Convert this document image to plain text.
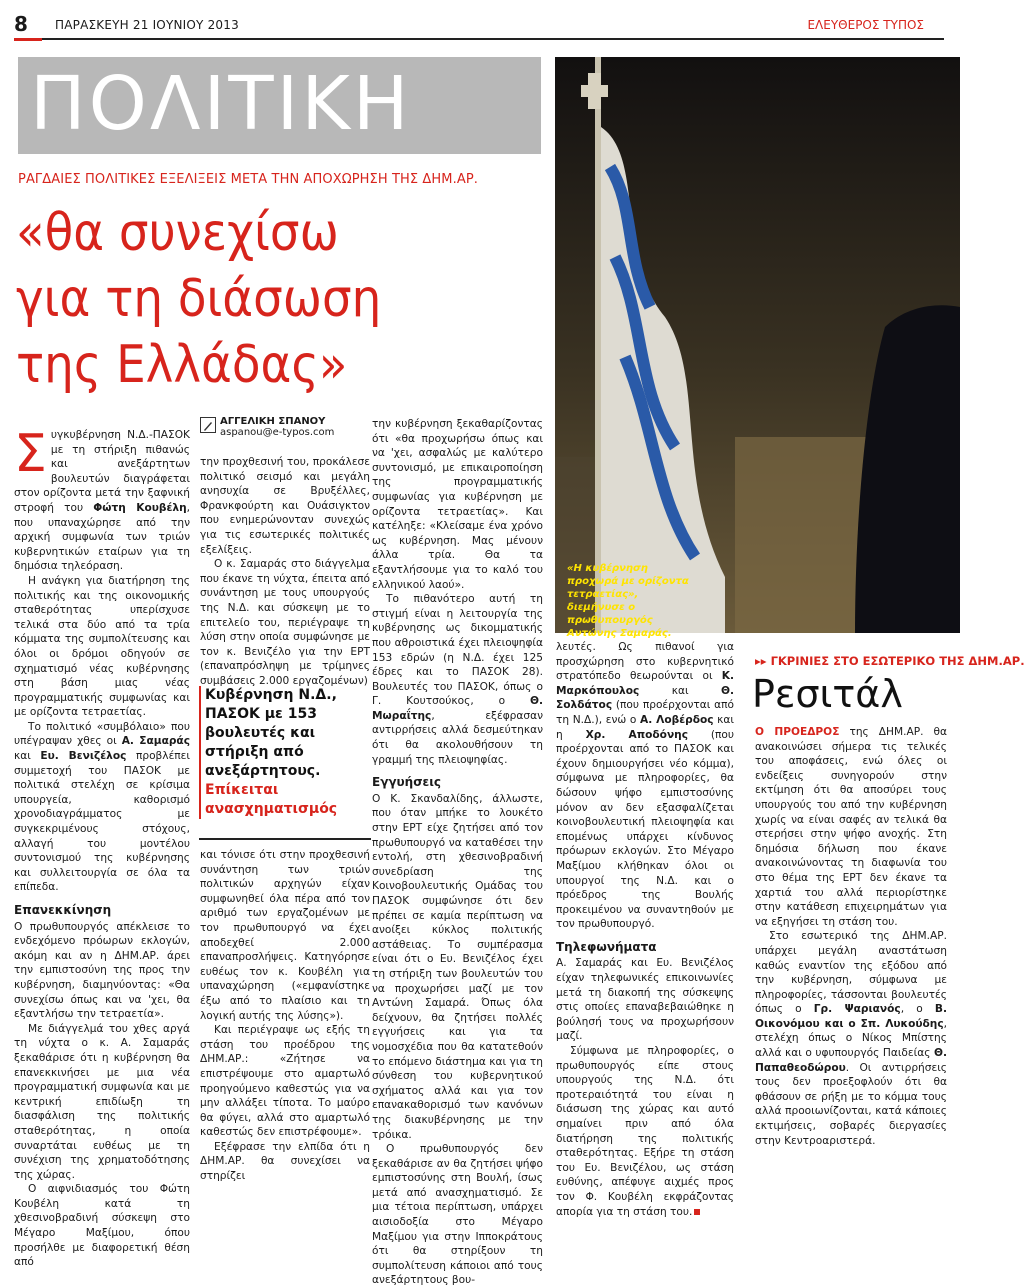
8 ΠΑΡΑΣΚΕΥΗ 21 ΙΟΥΝΙΟΥ 2013	ΕΛΕΥΘΕΡΟΣ ΤΥΠΟΣ
ΠΟΛΙΤΙΚΗ
ΡΑΓΔΑΙΕΣ ΠΟΛΙΤΙΚΕΣ ΕΞΕΛΙΞΕΙΣ ΜΕΤΑ ΤΗΝ ΑΠΟΧΩΡΗΣΗ ΤΗΣ ΔΗΜ.ΑΡ.
«θα συνεχίσω
για τη διάσωση
της Ελλάδας»
«Η κυβέρνηση προχωρά με ορίζοντα τετραετίας», διεμήνυσε ο πρωθυπουργός Αντώνης Σαμαράς.
Σ υγκυβέρνηση Ν.Δ.-ΠΑΣΟΚ με τη στήριξη πιθανώς και ανεξάρτητων βουλευτών διαγράφεται στον ορίζοντα μετά την ξαφνική στροφή του Φώτη Κουβέλη, που υπαναχώρησε από την αρχική συμφωνία των τριών κυβερνητικών εταίρων για τη δημόσια τηλεόραση.

Η ανάγκη για διατήρηση της πολιτικής και της οικονομικής σταθερότητας υπερίσχυσε τελικά στα δύο από τα τρία κόμματα της συμπολίτευσης και όλοι οι δρόμοι οδηγούν σε σχηματισμό νέας κυβέρνησης στη βάση μιας νέας προγραμματικής συμφωνίας και με ορίζοντα τετραετίας.

Το πολιτικό «συμβόλαιο» που υπέγραψαν χθες οι Α. Σαμαράς και Ευ. Βενιζέλος προβλέπει συμμετοχή του ΠΑΣΟΚ με πολιτικά στελέχη σε κρίσιμα υπουργεία, καθορισμό χρονοδιαγράμματος με συγκεκριμένους στόχους, αλλαγή του μοντέλου συντονισμού της κυβέρνησης και συλλειτουργία σε όλα τα επίπεδα.

Επανεκκίνηση

Ο πρωθυπουργός απέκλεισε το ενδεχόμενο πρόωρων εκλογών, ακόμη και αν η ΔΗΜ.ΑΡ. άρει την εμπιστοσύνη της προς την κυβέρνηση, διαμηνύοντας: «Θα συνεχίσω όπως και να 'χει, θα εξαντλήσω την τετραετία».

Με διάγγελμά του χθες αργά τη νύχτα ο κ. Α. Σαμαράς ξεκαθάρισε ότι η κυβέρνηση θα επανεκκινήσει με μια νέα προγραμματική συμφωνία και με κεντρική επιδίωξη τη διασφάλιση της πολιτικής σταθερότητας, η οποία συναρτάται ευθέως με τη συνέχιση της χρηματοδότησης της χώρας.

Ο αιφνιδιασμός του Φώτη Κουβέλη κατά τη χθεσινοβραδινή σύσκεψη στο Μέγαρο Μαξίμου, όπου προσήλθε με διαφορετική θέση από

ΑΓΓΕΛΙΚΗ ΣΠΑΝΟΥ
aspanou@e-typos.com

την προχθεσινή του, προκάλεσε πολιτικό σεισμό και μεγάλη ανησυχία σε Βρυξέλλες, Φρανκφούρτη και Ουάσιγκτον που ενημερώνονταν συνεχώς για τις εσωτερικές πολιτικές εξελίξεις.

Ο κ. Σαμαράς στο διάγγελμα που έκανε τη νύχτα, έπειτα από συνάντηση με τους υπουργούς της Ν.Δ. και σύσκεψη με το επιτελείο του, περιέγραψε τη λύση στην οποία συμφώνησε με τον κ. Βενιζέλο για την ΕΡΤ (επαναπρόσληψη με τρίμηνες συμβάσεις 2.000 εργαζομένων)

Κυβέρνηση Ν.Δ., ΠΑΣΟΚ με 153 βουλευτές και στήριξη από ανεξάρτητους. Επίκειται ανασχηματισμός

και τόνισε ότι στην προχθεσινή συνάντηση των τριών πολιτικών αρχηγών είχαν συμφωνηθεί όλα πέρα από τον αριθμό των εργαζομένων με τον πρωθυπουργό να έχει αποδεχθεί 2.000 επαναπροσλήψεις. Κατηγόρησε ευθέως τον κ. Κουβέλη για υπαναχώρηση («εμφανίστηκε έξω από το πλαίσιο και τη λογική αυτής της λύσης»).

Και περιέγραψε ως εξής τη στάση του προέδρου της ΔΗΜ.ΑΡ.: «Ζήτησε να επιστρέψουμε στο αμαρτωλό προηγούμενο καθεστώς για να μην αλλάξει τίποτα. Το μαύρο θα φύγει, αλλά στο αμαρτωλό καθεστώς δεν επιστρέφουμε».

Εξέφρασε την ελπίδα ότι η ΔΗΜ.ΑΡ. θα συνεχίσει να στηρίζει

την κυβέρνηση ξεκαθαρίζοντας ότι «θα προχωρήσω όπως και να 'χει, ασφαλώς με καλύτερο συντονισμό, με επικαιροποίηση της προγραμματικής συμφωνίας για κυβέρνηση με ορίζοντα τετραετίας». Και κατέληξε: «Κλείσαμε ένα χρόνο ως κυβέρνηση. Μας μένουν άλλα τρία. Θα τα εξαντλήσουμε για το καλό του ελληνικού λαού».

Το πιθανότερο αυτή τη στιγμή είναι η λειτουργία της κυβέρνησης ως δικομματικής που αθροιστικά έχει πλειοψηφία 153 εδρών (η Ν.Δ. έχει 125 έδρες και το ΠΑΣΟΚ 28). Βουλευτές του ΠΑΣΟΚ, όπως ο Γ. Κουτσούκος, ο Θ. Μωραΐτης, εξέφρασαν αντιρρήσεις αλλά δεσμεύτηκαν ότι θα ακολουθήσουν τη γραμμή της πλειοψηφίας.

Εγγυήσεις

Ο Κ. Σκανδαλίδης, άλλωστε, που όταν μπήκε το λουκέτο στην ΕΡΤ είχε ζητήσει από τον πρωθυπουργό να καταθέσει την εντολή, στη χθεσινοβραδινή συνεδρίαση της Κοινοβουλευτικής Ομάδας του ΠΑΣΟΚ συμφώνησε ότι δεν πρέπει σε καμία περίπτωση να ανοίξει κύκλος πολιτικής αστάθειας. Το συμπέρασμα είναι ότι ο Ευ. Βενιζέλος έχει τη στήριξη των βουλευτών του να προχωρήσει μαζί με τον Αντώνη Σαμαρά. Όπως όλα δείχνουν, θα ζητήσει πολλές εγγυήσεις και για τα νομοσχέδια που θα κατατεθούν το επόμενο διάστημα και για τη σύνθεση του κυβερνητικού σχήματος αλλά και για τον επανακαθορισμό των κανόνων της διακυβέρνησης με την τρόικα.

Ο πρωθυπουργός δεν ξεκαθάρισε αν θα ζητήσει ψήφο εμπιστοσύνης στη Βουλή, ίσως μετά από ανασχηματισμό. Σε μια τέτοια περίπτωση, υπάρχει αισιοδοξία στο Μέγαρο Μαξίμου για στην Ιπποκράτους ότι θα στηρίξουν τη συμπολίτευση κάποιοι από τους ανεξάρτητους βου-

λευτές. Ως πιθανοί για προσχώρηση στο κυβερνητικό στρατόπεδο θεωρούνται οι Κ. Μαρκόπουλος και Θ. Σολδάτος (που προέρχονται από τη Ν.Δ.), ενώ ο Α. Λοβέρδος και η Χρ. Αποδόνης (που προέρχονται από το ΠΑΣΟΚ και έχουν δημιουργήσει νέο κόμμα), σύμφωνα με πληροφορίες, θα δώσουν ψήφο εμπιστοσύνης μόνον αν δεν εξασφαλίζεται κοινοβουλευτική πλειοψηφία και επομένως υπάρχει κίνδυνος πρόωρων εκλογών. Στο Μέγαρο Μαξίμου κλήθηκαν όλοι οι υπουργοί της Ν.Δ. και ο πρόεδρος της Βουλής προκειμένου να συναντηθούν με τον πρωθυπουργό.

Τηλεφωνήματα

Α. Σαμαράς και Ευ. Βενιζέλος είχαν τηλεφωνικές επικοινωνίες μετά τη διακοπή της σύσκεψης στις οποίες επαναβεβαιώθηκε η βούλησή τους να προχωρήσουν μαζί.

Σύμφωνα με πληροφορίες, ο πρωθυπουργός είπε στους υπουργούς της Ν.Δ. ότι προτεραιότητά του είναι η διάσωση της χώρας και αυτό σημαίνει πριν από όλα διατήρηση της πολιτικής σταθερότητας. Εξήρε τη στάση του Ευ. Βενιζέλου, ως στάση ευθύνης, απέφυγε αιχμές προς τον Φ. Κουβέλη εκφράζοντας απορία για τη στάση του.

▸▸ ΓΚΡΙΝΙΕΣ ΣΤΟ ΕΣΩΤΕΡΙΚΟ ΤΗΣ ΔΗΜ.ΑΡ.
Ρεσιτάλ

Ο ΠΡΟΕΔΡΟΣ της ΔΗΜ.ΑΡ. θα ανακοινώσει σήμερα τις τελικές του αποφάσεις, ενώ όλες οι ενδείξεις συνηγορούν στην εκτίμηση ότι θα αποσύρει τους υπουργούς του από την κυβέρνηση χωρίς να είναι σαφές αν τελικά θα στερήσει στην ψήφο ανοχής. Στη δημόσια δήλωση που έκανε ανακοινώνοντας τη διαφωνία του στο θέμα της ΕΡΤ δεν έκανε τα χαρτιά του αλλά περιορίστηκε στην κατάθεση επιχειρημάτων για να εξηγήσει τη στάση του.

Στο εσωτερικό της ΔΗΜ.ΑΡ. υπάρχει μεγάλη αναστάτωση καθώς εναντίον της εξόδου από την κυβέρνηση, σύμφωνα με πληροφορίες, τάσσονται βουλευτές όπως ο Γρ. Ψαριανός, ο Β. Οικονόμου και ο Σπ. Λυκούδης, στελέχη όπως ο Νίκος Μπίστης αλλά και ο υφυπουργός Παιδείας Θ. Παπαθεοδώρου. Οι αντιρρήσεις τους δεν προεξοφλούν ότι θα φθάσουν σε ρήξη με το κόμμα τους αλλά προοιωνίζονται, κατά κάποιες εκτιμήσεις, σοβαρές διεργασίες στην Κεντροαριστερά.
